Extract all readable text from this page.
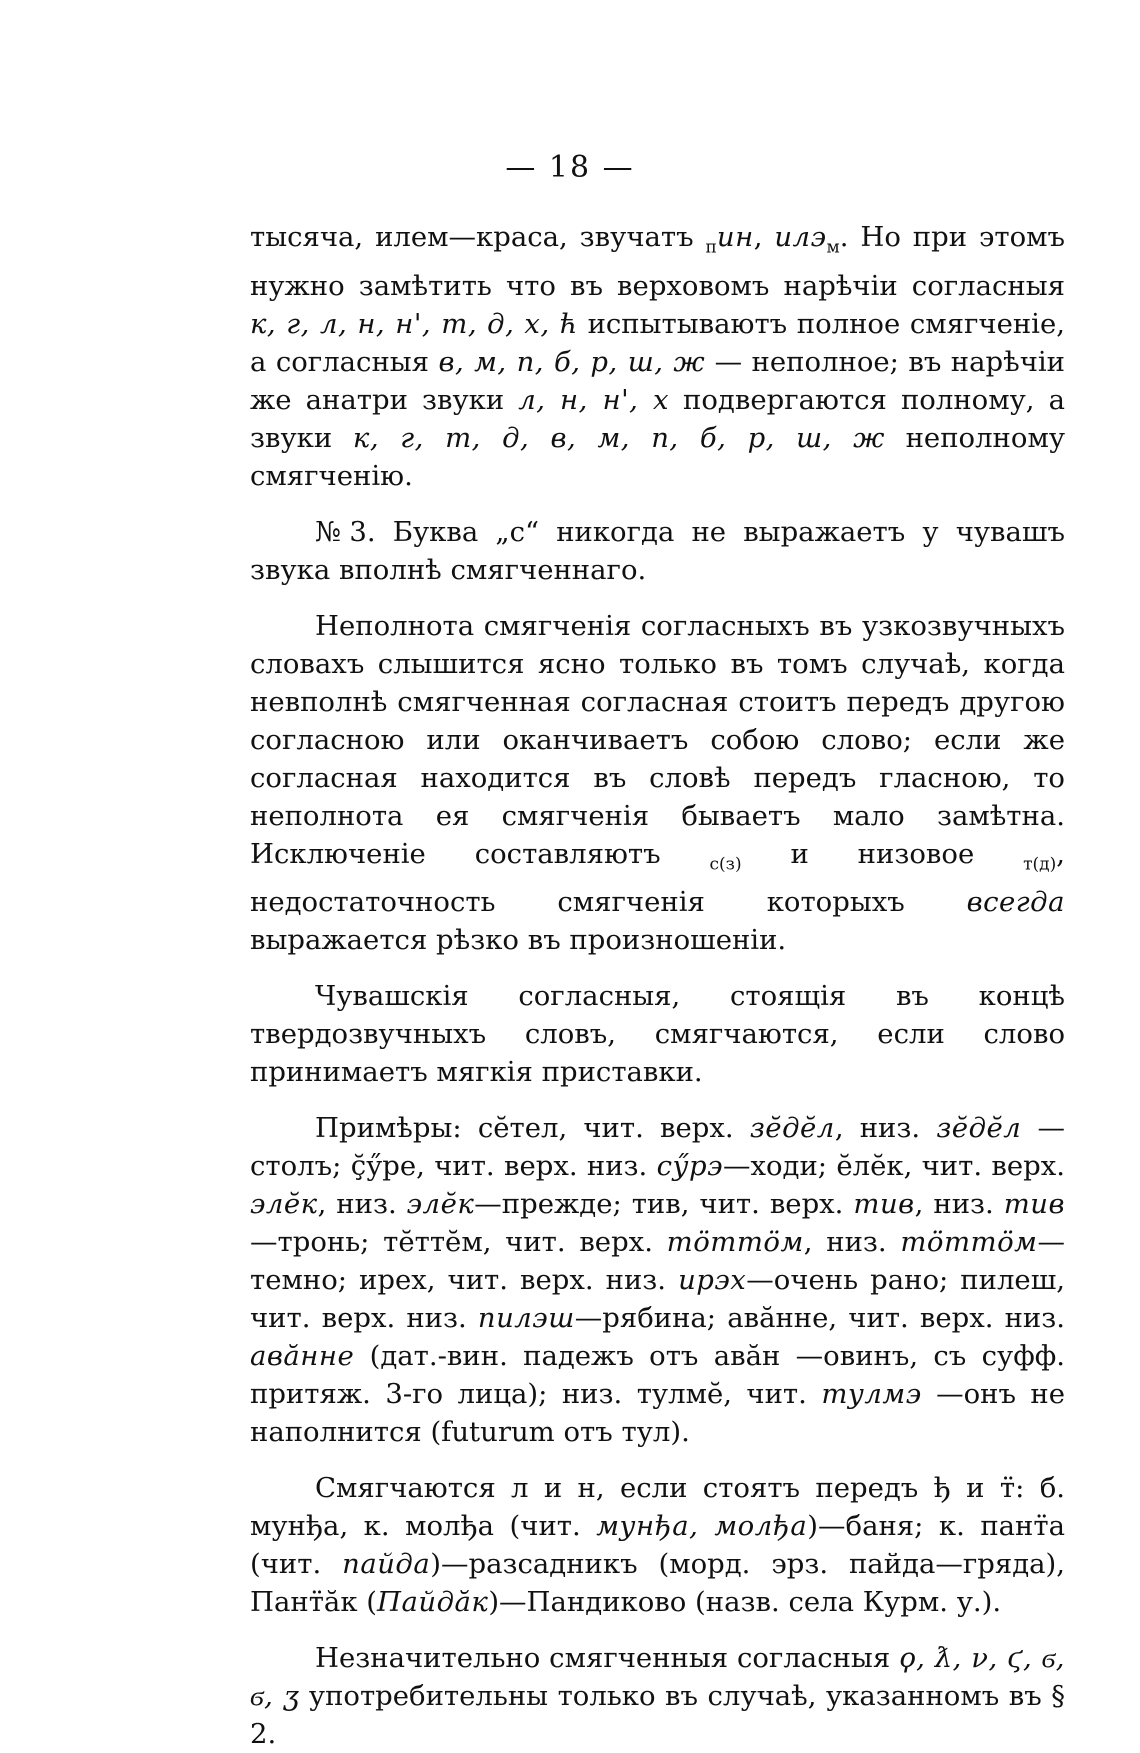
— 18 —

тысяча, илем—краса, звучатъ $_п$ин, илэ$_м$. Но при этомъ нужно замѣтить что въ верховомъ нарѣчіи согласныя к, г, л, н, н', т, д, х, ћ испытываютъ полное смягченіе, а согласныя в, м, п, б, р, ш, ж — неполное; въ нарѣчіи же анатри звуки л, н, н', х подвергаются полному, а звуки к, г, т, д, в, м, п, б, р, ш, ж неполному смягченію.

№3. Буква „с“ никогда не выражаетъ у чувашъ звука вполнѣ смягченнаго.

Неполнота смягченія согласныхъ въ узкозвучныхъ словахъ слышится ясно только въ томъ случаѣ, когда невполнѣ смягченная согласная стоитъ передъ другою согласною или оканчиваетъ собою слово; если же согласная находится въ словѣ передъ гласною, то неполнота ея смягченія бываетъ мало замѣтна. Исключеніе составляютъ $_{с(з)}$ и низовое $_{т(д)}$, недостаточность смягченія которыхъ всегда выражается рѣзко въ произношеніи.

Чувашскія согласныя, стоящія въ концѣ твердозвучныхъ словъ, смягчаются, если слово принимаетъ мягкія приставки.

Примѣры: сĕтел, чит. верх. зĕдĕл, низ. зĕдĕл — столъ; ç̆ӳре, чит. верх. низ. сӳрэ—ходи; ĕлĕк, чит. верх. элĕк, низ. элĕк—прежде; тив, чит. верх. тив, низ. тив—тронь; тĕттĕм, чит. верх. тӧттӧм, низ. тӧттӧм—темно; ирех, чит. верх. низ. ирэх—очень рано; пилеш, чит. верх. низ. пилэш—рябина; авăнне, чит. верх. низ. авăнне (дат.-вин. падежъ отъ авăн —овинъ, съ суфф. притяж. 3-го лица); низ. тулмĕ, чит. тулмэ —онъ не наполнится (futurum отъ тул).

Смягчаются л и н, если стоятъ передъ ђ и т̈: б. мунђа, к. молђа (чит. мунђа, молђа)—баня; к. пант̈а (чит. пайда)—разсадникъ (морд. эрз. пайда—гряда), Пант̈ăк (Пайдăк)—Пандиково (назв. села Курм. у.).

Незначительно смягченныя согласныя ϙ, ƛ, ν, ϛ, ϭ, ϭ, ʒ употребительны только въ случаѣ, указанномъ въ § 2.
